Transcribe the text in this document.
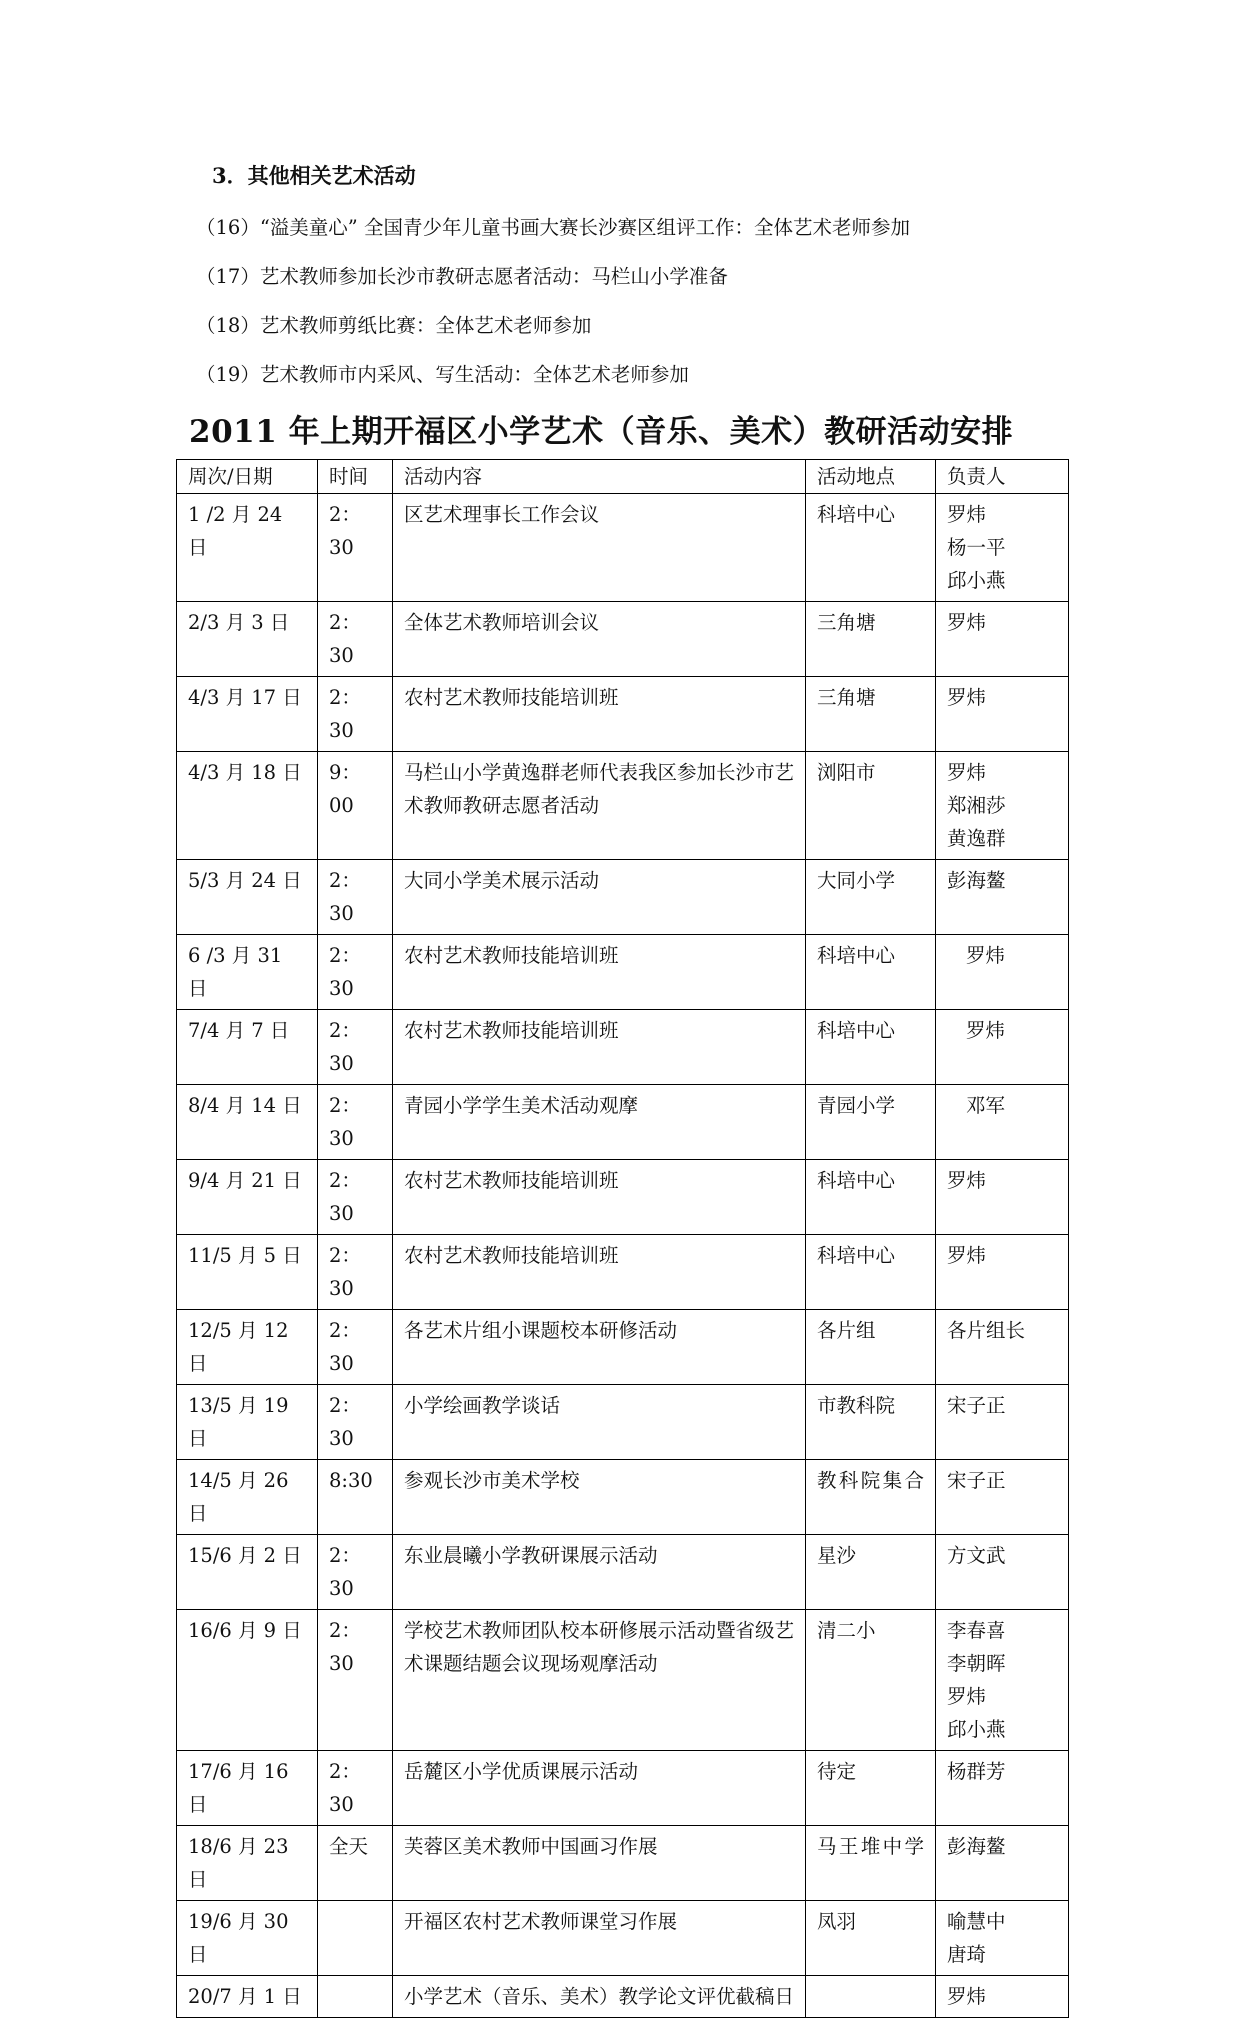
3．其他相关艺术活动
（16）“溢美童心” 全国青少年儿童书画大赛长沙赛区组评工作：全体艺术老师参加
（17）艺术教师参加长沙市教研志愿者活动：马栏山小学准备
（18）艺术教师剪纸比赛：全体艺术老师参加
（19）艺术教师市内采风、写生活动：全体艺术老师参加
2011 年上期开福区小学艺术（音乐、美术）教研活动安排
周次/日期	时间	活动内容	活动地点	负责人
1 /2 月 24 日	2：30	区艺术理事长工作会议	科培中心	罗炜
杨一平
邱小燕
2/3 月 3 日	2：30	全体艺术教师培训会议	三角塘	罗炜
4/3 月 17 日	2：30	农村艺术教师技能培训班	三角塘	罗炜
4/3 月 18 日	9：00	马栏山小学黄逸群老师代表我区参加长沙市艺术教师教研志愿者活动	浏阳市	罗炜
郑湘莎
黄逸群
5/3 月 24 日	2：30	大同小学美术展示活动	大同小学	彭海鳌
6 /3 月 31 日	2：30	农村艺术教师技能培训班	科培中心	罗炜
7/4 月 7 日	2：30	农村艺术教师技能培训班	科培中心	罗炜
8/4 月 14 日	2：30	青园小学学生美术活动观摩	青园小学	邓军
9/4 月 21 日	2：30	农村艺术教师技能培训班	科培中心	罗炜
11/5 月 5 日	2：30	农村艺术教师技能培训班	科培中心	罗炜
12/5 月 12 日	2：30	各艺术片组小课题校本研修活动	各片组	各片组长
13/5 月 19 日	2：30	小学绘画教学谈话	市教科院	宋子正
14/5 月 26 日	8:30	参观长沙市美术学校	教科院集合	宋子正
15/6 月 2 日	2：30	东业晨曦小学教研课展示活动	星沙	方文武
16/6 月 9 日	2：30	学校艺术教师团队校本研修展示活动暨省级艺术课题结题会议现场观摩活动	清二小	李春喜
李朝晖
罗炜
邱小燕
17/6 月 16 日	2：30	岳麓区小学优质课展示活动	待定	杨群芳
18/6 月 23 日	全天	芙蓉区美术教师中国画习作展	马王堆中学	彭海鳌
19/6 月 30 日		开福区农村艺术教师课堂习作展	凤羽	喻慧中
唐琦
20/7 月 1 日		小学艺术（音乐、美术）教学论文评优截稿日		罗炜
